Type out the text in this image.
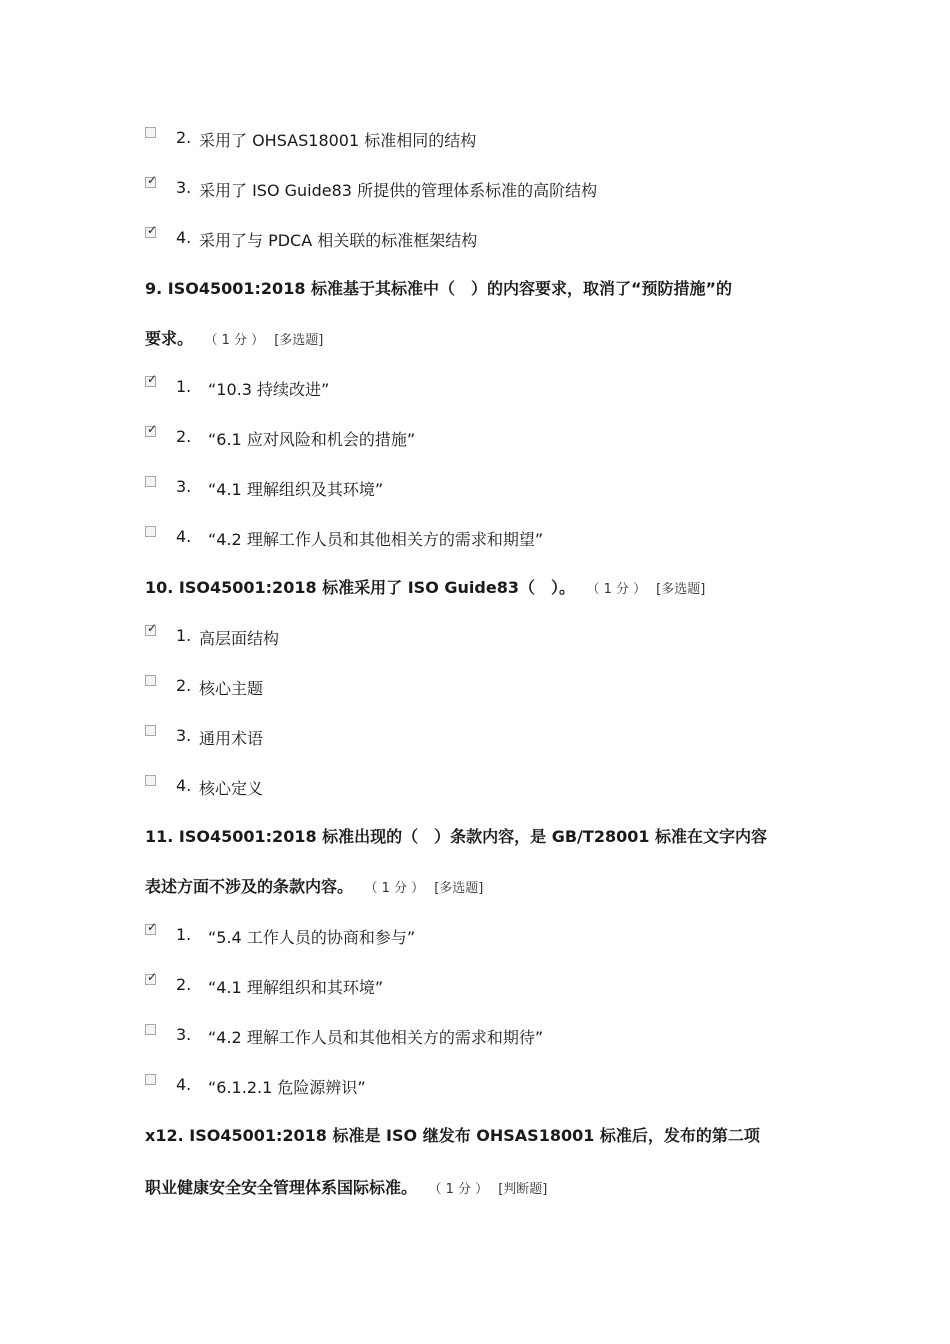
2. 采用了 OHSAS18001 标准相同的结构
✓ 3. 采用了 ISO Guide83 所提供的管理体系标准的高阶结构
✓ 4. 采用了与 PDCA 相关联的标准框架结构
9. ISO45001:2018 标准基于其标准中（　）的内容要求，取消了“预防措施”的
要求。 （ 1 分 ） [多选题]
✓ 1. “10.3 持续改进”
✓ 2. “6.1 应对风险和机会的措施”
3. “4.1 理解组织及其环境”
4. “4.2 理解工作人员和其他相关方的需求和期望”
10. ISO45001:2018 标准采用了 ISO Guide83（　）。 （ 1 分 ） [多选题]
✓ 1. 高层面结构
2. 核心主题
3. 通用术语
4. 核心定义
11. ISO45001:2018 标准出现的（　）条款内容，是 GB/T28001 标准在文字内容
表述方面不涉及的条款内容。 （ 1 分 ） [多选题]
✓ 1. “5.4 工作人员的协商和参与”
✓ 2. “4.1 理解组织和其环境”
3. “4.2 理解工作人员和其他相关方的需求和期待”
4. “6.1.2.1 危险源辨识”
x12. ISO45001:2018 标准是 ISO 继发布 OHSAS18001 标准后，发布的第二项
职业健康安全安全管理体系国际标准。 （ 1 分 ） [判断题]
